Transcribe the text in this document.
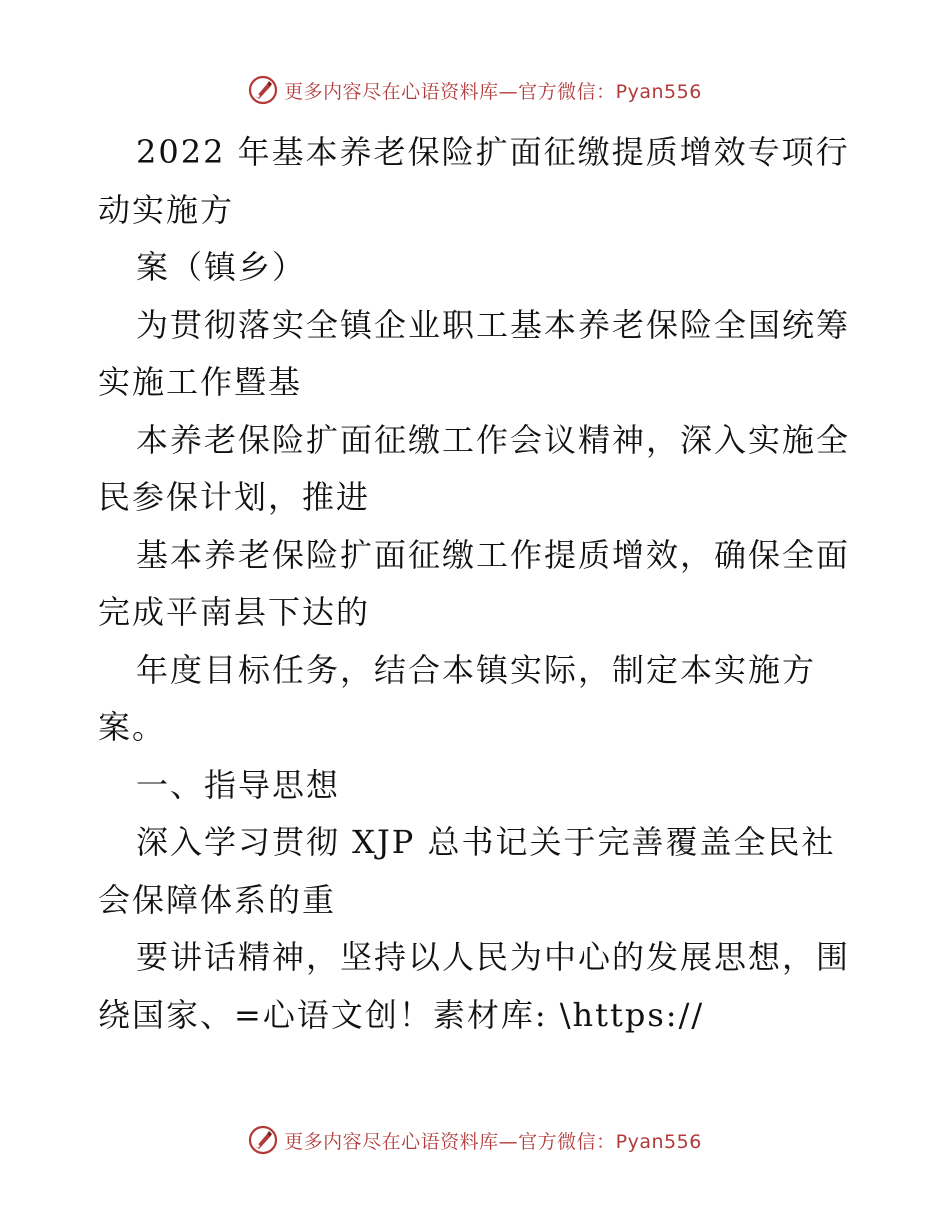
更多内容尽在心语资料库—官方微信：Pyan556
2022 年基本养老保险扩面征缴提质增效专项行
动实施方
案（镇乡）
为贯彻落实全镇企业职工基本养老保险全国统筹
实施工作暨基
本养老保险扩面征缴工作会议精神，深入实施全
民参保计划，推进
基本养老保险扩面征缴工作提质增效，确保全面
完成平南县下达的
年度目标任务，结合本镇实际，制定本实施方
案。
一、指导思想
深入学习贯彻 XJP 总书记关于完善覆盖全民社
会保障体系的重
要讲话精神，坚持以人民为中心的发展思想，围
绕国家、=心语文创！素材库: \https://
更多内容尽在心语资料库—官方微信：Pyan556
